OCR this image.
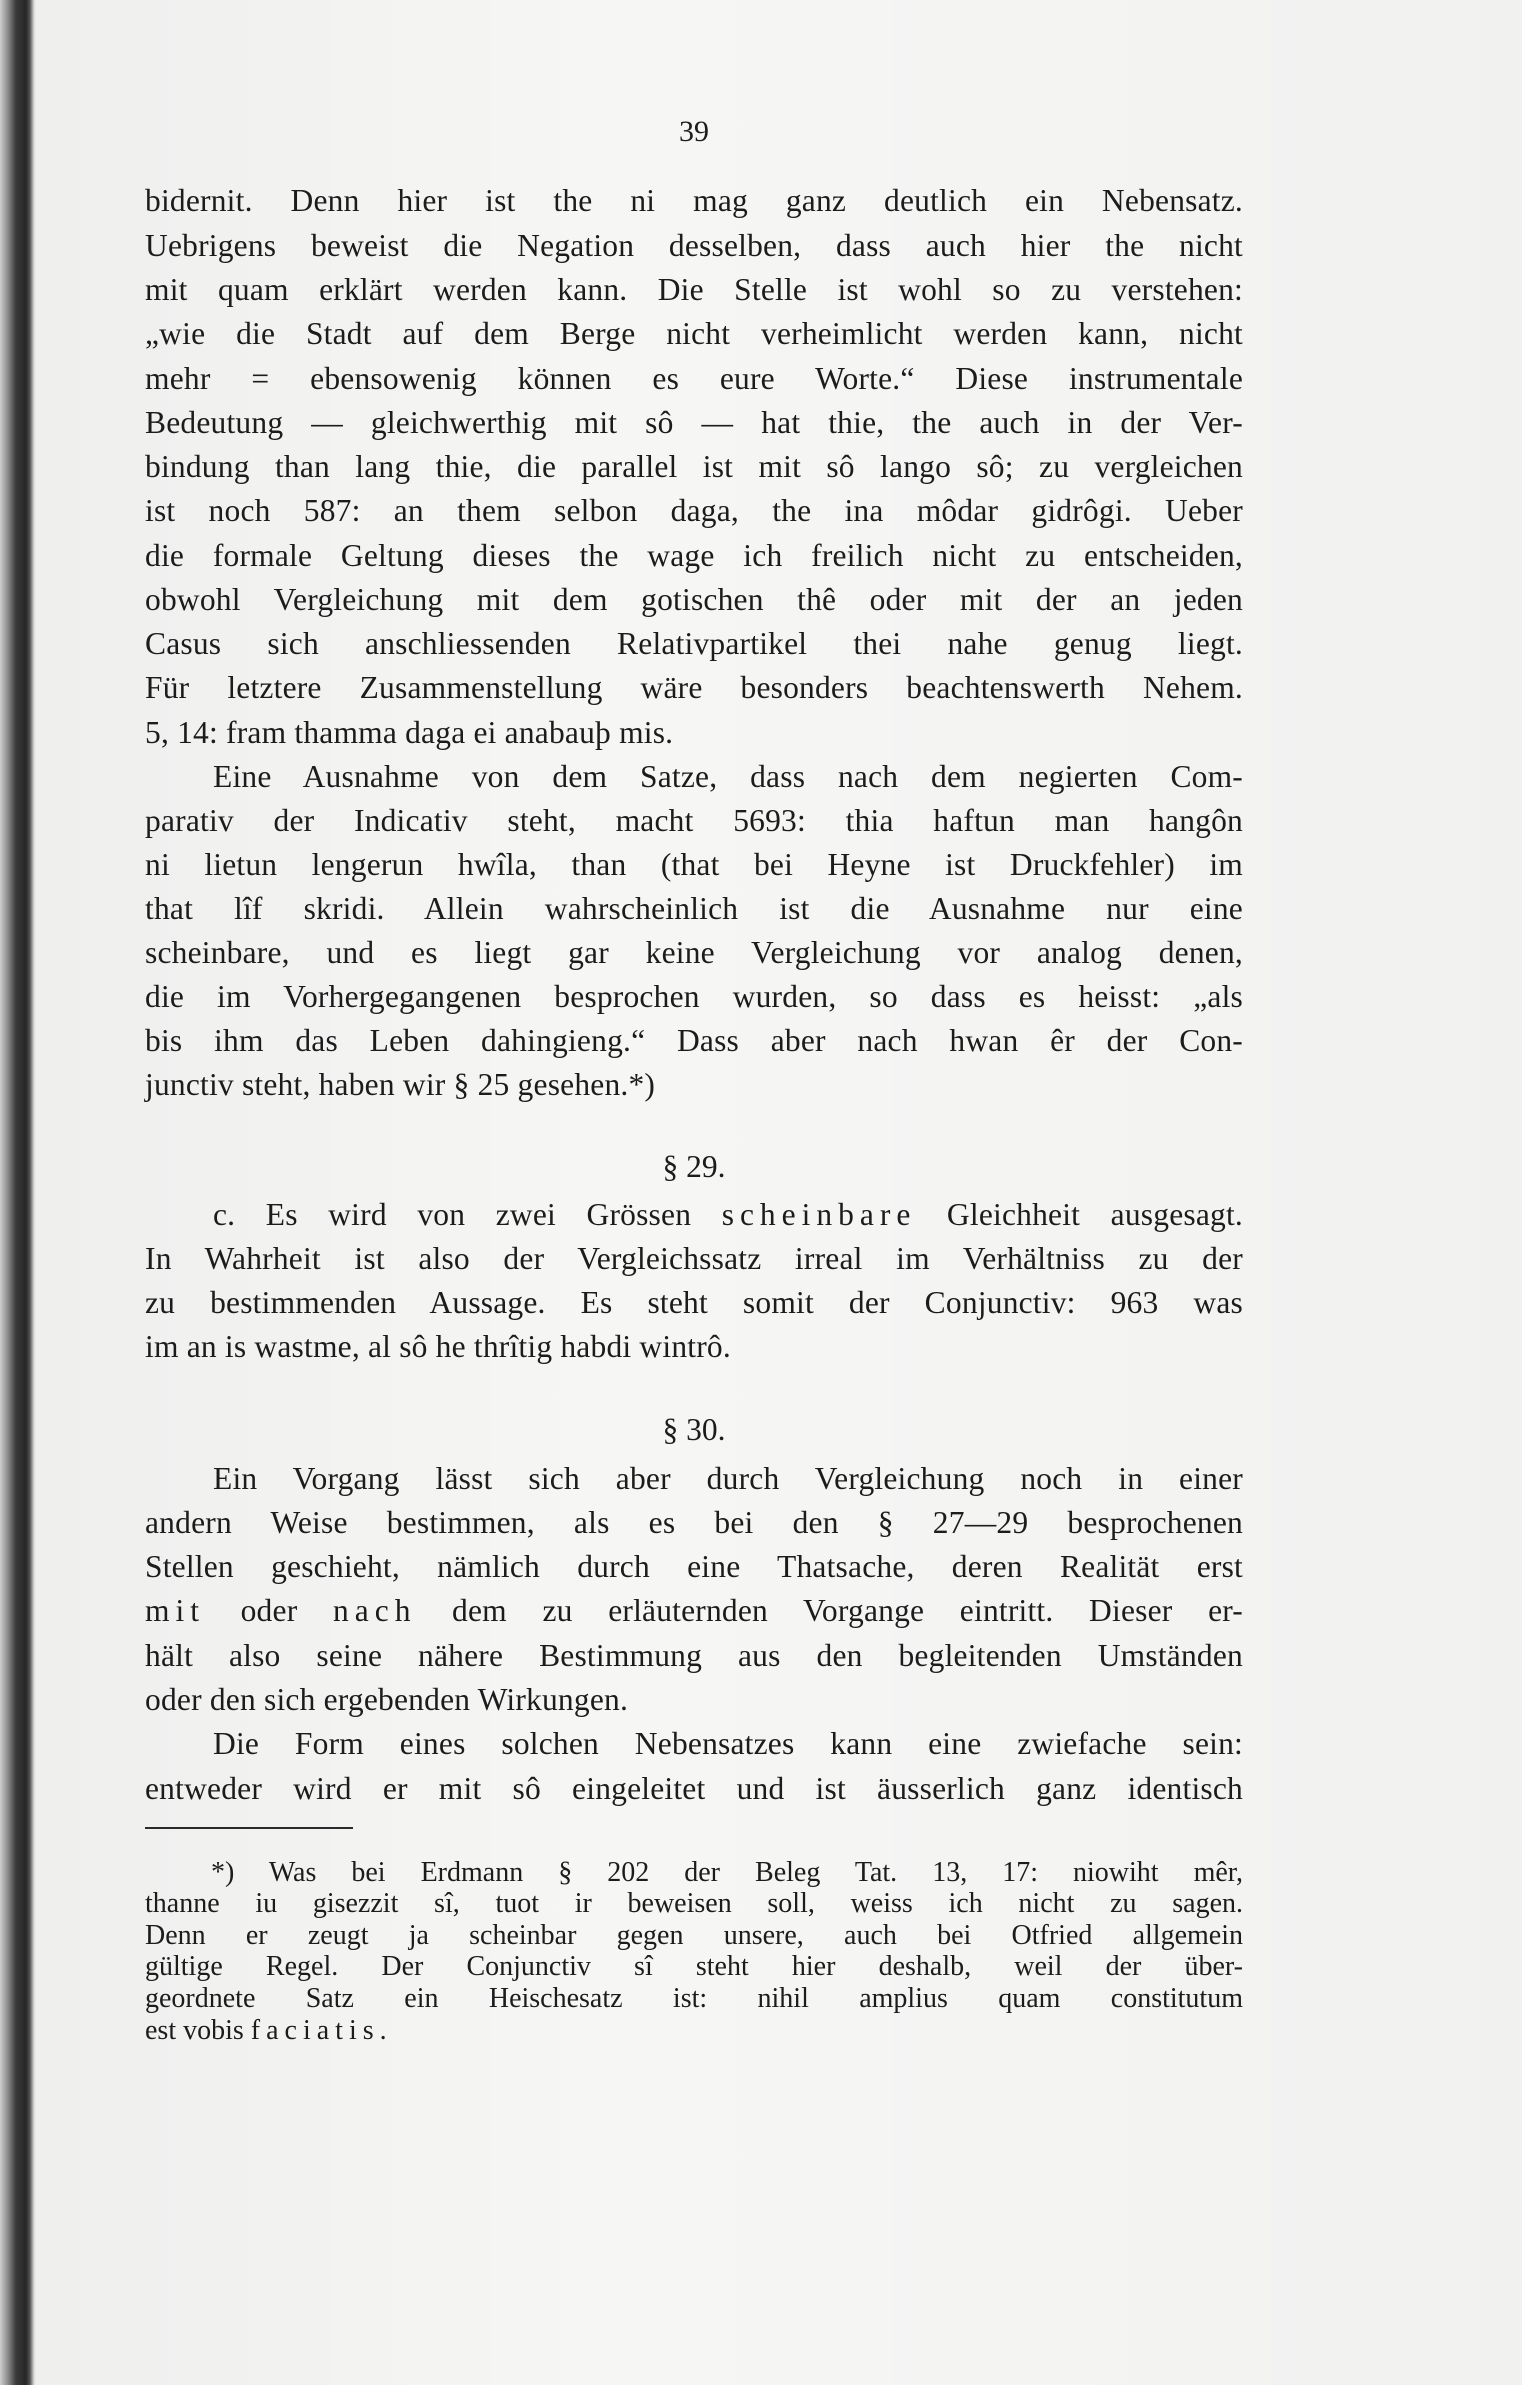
39
bidernit. Denn hier ist the ni mag ganz deutlich ein Nebensatz.
Uebrigens beweist die Negation desselben, dass auch hier the nicht
mit quam erklärt werden kann. Die Stelle ist wohl so zu verstehen:
„wie die Stadt auf dem Berge nicht verheimlicht werden kann, nicht
mehr = ebensowenig können es eure Worte.“ Diese instrumentale
Bedeutung — gleichwerthig mit sô — hat thie, the auch in der Ver-
bindung than lang thie, die parallel ist mit sô lango sô; zu vergleichen
ist noch 587: an them selbon daga, the ina môdar gidrôgi. Ueber
die formale Geltung dieses the wage ich freilich nicht zu entscheiden,
obwohl Vergleichung mit dem gotischen thê oder mit der an jeden
Casus sich anschliessenden Relativpartikel thei nahe genug liegt.
Für letztere Zusammenstellung wäre besonders beachtenswerth Nehem.
5, 14: fram thamma daga ei anabauþ mis.
Eine Ausnahme von dem Satze, dass nach dem negierten Com-
parativ der Indicativ steht, macht 5693: thia haftun man hangôn
ni lietun lengerun hwîla, than (that bei Heyne ist Druckfehler) im
that lîf skridi. Allein wahrscheinlich ist die Ausnahme nur eine
scheinbare, und es liegt gar keine Vergleichung vor analog denen,
die im Vorhergegangenen besprochen wurden, so dass es heisst: „als
bis ihm das Leben dahingieng.“ Dass aber nach hwan êr der Con-
junctiv steht, haben wir § 25 gesehen.*)
§ 29.
c. Es wird von zwei Grössen scheinbare Gleichheit ausgesagt.
In Wahrheit ist also der Vergleichssatz irreal im Verhältniss zu der
zu bestimmenden Aussage. Es steht somit der Conjunctiv: 963 was
im an is wastme, al sô he thrîtig habdi wintrô.
§ 30.
Ein Vorgang lässt sich aber durch Vergleichung noch in einer
andern Weise bestimmen, als es bei den § 27—29 besprochenen
Stellen geschieht, nämlich durch eine Thatsache, deren Realität erst
mit oder nach dem zu erläuternden Vorgange eintritt. Dieser er-
hält also seine nähere Bestimmung aus den begleitenden Umständen
oder den sich ergebenden Wirkungen.
Die Form eines solchen Nebensatzes kann eine zwiefache sein:
entweder wird er mit sô eingeleitet und ist äusserlich ganz identisch
*) Was bei Erdmann § 202 der Beleg Tat. 13, 17: niowiht mêr,
thanne iu gisezzit sî, tuot ir beweisen soll, weiss ich nicht zu sagen.
Denn er zeugt ja scheinbar gegen unsere, auch bei Otfried allgemein
gültige Regel. Der Conjunctiv sî steht hier deshalb, weil der über-
geordnete Satz ein Heischesatz ist: nihil amplius quam constitutum
est vobis faciatis.
